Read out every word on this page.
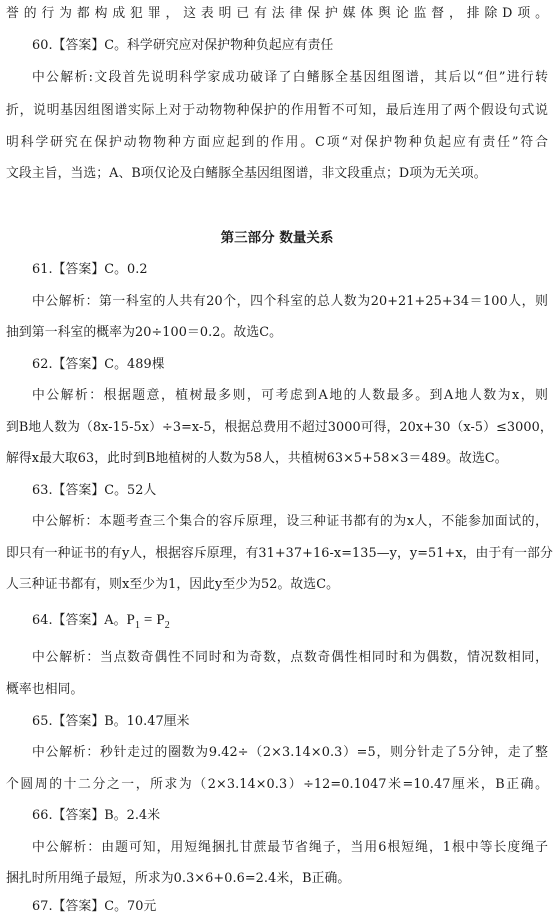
誉的行为都构成犯罪，这表明已有法律保护媒体舆论监督，排除D项。
60.【答案】C。科学研究应对保护物种负起应有责任
中公解析:文段首先说明科学家成功破译了白鳍豚全基因组图谱，其后以“但”进行转
折，说明基因组图谱实际上对于动物物种保护的作用暂不可知，最后连用了两个假设句式说
明科学研究在保护动物物种方面应起到的作用。C项“对保护物种负起应有责任”符合
文段主旨，当选；A、B项仅论及白鳍豚全基因组图谱，非文段重点；D项为无关项。
第三部分 数量关系
61.【答案】C。0.2
中公解析：第一科室的人共有20个，四个科室的总人数为20+21+25+34＝100人，则
抽到第一科室的概率为20÷100＝0.2。故选C。
62.【答案】C。489棵
中公解析：根据题意，植树最多则，可考虑到A地的人数最多。到A地人数为x，则
到B地人数为（8x-15-5x）÷3=x-5，根据总费用不超过3000可得，20x+30（x-5）≤3000，
解得x最大取63，此时到B地植树的人数为58人，共植树63×5+58×3＝489。故选C。
63.【答案】C。52人
中公解析：本题考查三个集合的容斥原理，设三种证书都有的为x人，不能参加面试的，
即只有一种证书的有y人，根据容斥原理，有31+37+16-x=135—y，y=51+x，由于有一部分
人三种证书都有，则x至少为1，因此y至少为52。故选C。
64.【答案】A。$P_1 = P_2$
中公解析：当点数奇偶性不同时和为奇数，点数奇偶性相同时和为偶数，情况数相同，
概率也相同。
65.【答案】B。10.47厘米
中公解析：秒针走过的圈数为9.42÷（2×3.14×0.3）=5，则分针走了5分钟，走了整
个圆周的十二分之一，所求为（2×3.14×0.3）÷12=0.1047米=10.47厘米，B正确。
66.【答案】B。2.4米
中公解析：由题可知，用短绳捆扎甘蔗最节省绳子，当用6根短绳，1根中等长度绳子
捆扎时所用绳子最短，所求为0.3×6+0.6=2.4米，B正确。
67.【答案】C。70元
